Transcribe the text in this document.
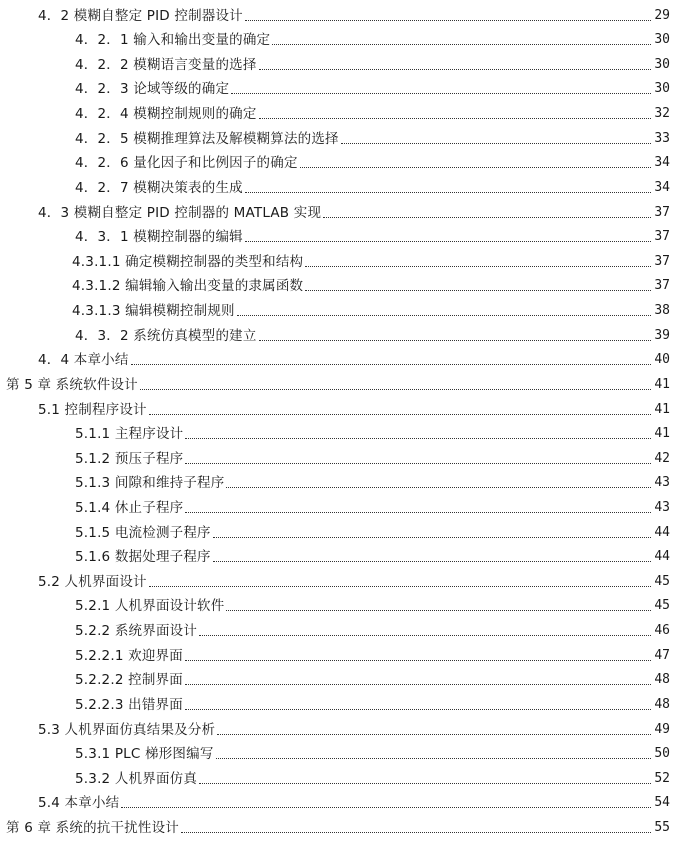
4．2 模糊自整定 PID 控制器设计	29
4．2．1 输入和输出变量的确定	30
4．2．2 模糊语言变量的选择	30
4．2．3 论域等级的确定	30
4．2．4 模糊控制规则的确定	32
4．2．5 模糊推理算法及解模糊算法的选择	33
4．2．6 量化因子和比例因子的确定	34
4．2．7 模糊决策表的生成	34
4．3 模糊自整定 PID 控制器的 MATLAB 实现	37
4．3．1 模糊控制器的编辑	37
4.3.1.1 确定模糊控制器的类型和结构	37
4.3.1.2 编辑输入输出变量的隶属函数	37
4.3.1.3 编辑模糊控制规则	38
4．3．2 系统仿真模型的建立	39
4．4 本章小结	40
第 5 章 系统软件设计	41
5.1 控制程序设计	41
5.1.1 主程序设计	41
5.1.2 预压子程序	42
5.1.3 间隙和维持子程序	43
5.1.4 休止子程序	43
5.1.5 电流检测子程序	44
5.1.6 数据处理子程序	44
5.2 人机界面设计	45
5.2.1 人机界面设计软件	45
5.2.2 系统界面设计	46
5.2.2.1 欢迎界面	47
5.2.2.2 控制界面	48
5.2.2.3 出错界面	48
5.3 人机界面仿真结果及分析	49
5.3.1 PLC 梯形图编写	50
5.3.2 人机界面仿真	52
5.4 本章小结	54
第 6 章 系统的抗干扰性设计	55
